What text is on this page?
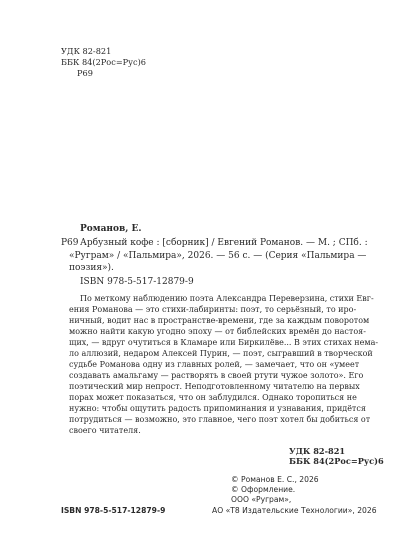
УДК 82-821
ББК 84(2Рос=Рус)6
Р69
Романов, Е.
Р69 Арбузный кофе : [сборник] / Евгений Романов. — М. ; СПб. :
«Руграм» / «Пальмира», 2026. — 56 с. — (Серия «Пальмира —
поэзия»).
ISBN 978-5-517-12879-9
По меткому наблюдению поэта Александра Переверзина, стихи Евг-
ения Романова — это стихи-лабиринты: поэт, то серьёзный, то иро-
ничный, водит нас в пространстве-времени, где за каждым поворотом
можно найти какую угодно эпоху — от библейских времён до настоя-
щих, — вдруг очутиться в Кламаре или Биркилёве... В этих стихах нема-
ло аллюзий, недаром Алексей Пурин, — поэт, сыгравший в творческой
судьбе Романова одну из главных ролей, — замечает, что он «умеет
создавать амальгаму — растворять в своей ртути чужое золото». Его
поэтический мир непрост. Неподготовленному читателю на первых
порах может показаться, что он заблудился. Однако торопиться не
нужно: чтобы ощутить радость припоминания и узнавания, придётся
потрудиться — возможно, это главное, чего поэт хотел бы добиться от
своего читателя.
УДК 82-821
ББК 84(2Рос=Рус)6
ISBN 978-5-517-12879-9
© Романов Е. С., 2026
© Оформление.
ООО «Руграм»,
АО «Т8 Издательские Технологии», 2026
